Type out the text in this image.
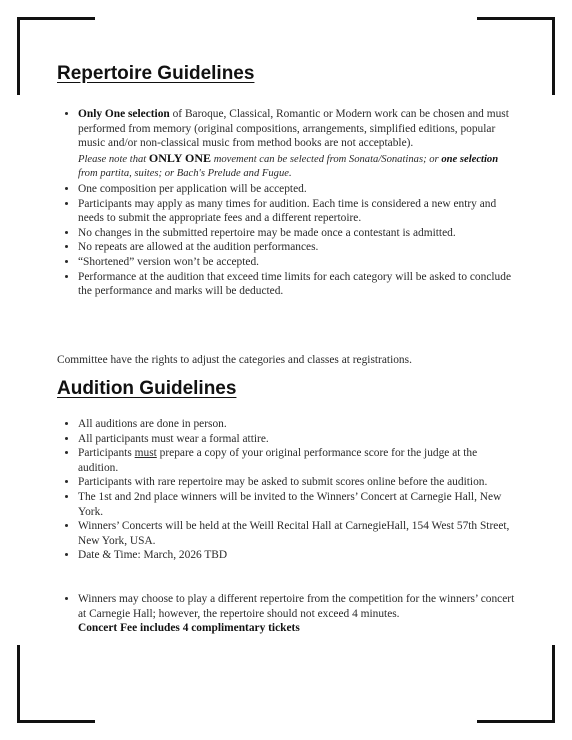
Repertoire Guidelines
• Only One selection of Baroque, Classical, Romantic or Modern work can be chosen and must performed from memory (original compositions, arrangements, simplified editions, popular music and/or non-classical music from method books are not acceptable).
Please note that ONLY ONE movement can be selected from Sonata/Sonatinas; or one selection from partita, suites; or Bach's Prelude and Fugue.
• One composition per application will be accepted.
• Participants may apply as many times for audition. Each time is considered a new entry and needs to submit the appropriate fees and a different repertoire.
• No changes in the submitted repertoire may be made once a contestant is admitted.
• No repeats are allowed at the audition performances.
• “Shortened” version won’t be accepted.
• Performance at the audition that exceed time limits for each category will be asked to conclude the performance and marks will be deducted.
Committee have the rights to adjust the categories and classes at registrations.
Audition Guidelines
• All auditions are done in person.
• All participants must wear a formal attire.
• Participants must prepare a copy of your original performance score for the judge at the audition.
• Participants with rare repertoire may be asked to submit scores online before the audition.
• The 1st and 2nd place winners will be invited to the Winners’ Concert at Carnegie Hall, New York.
• Winners’ Concerts will be held at the Weill Recital Hall at CarnegieHall, 154 West 57th Street, New York, USA.
• Date & Time: March, 2026 TBD
• Winners may choose to play a different repertoire from the competition for the winners’ concert at Carnegie Hall; however, the repertoire should not exceed 4 minutes.
Concert Fee includes 4 complimentary tickets
